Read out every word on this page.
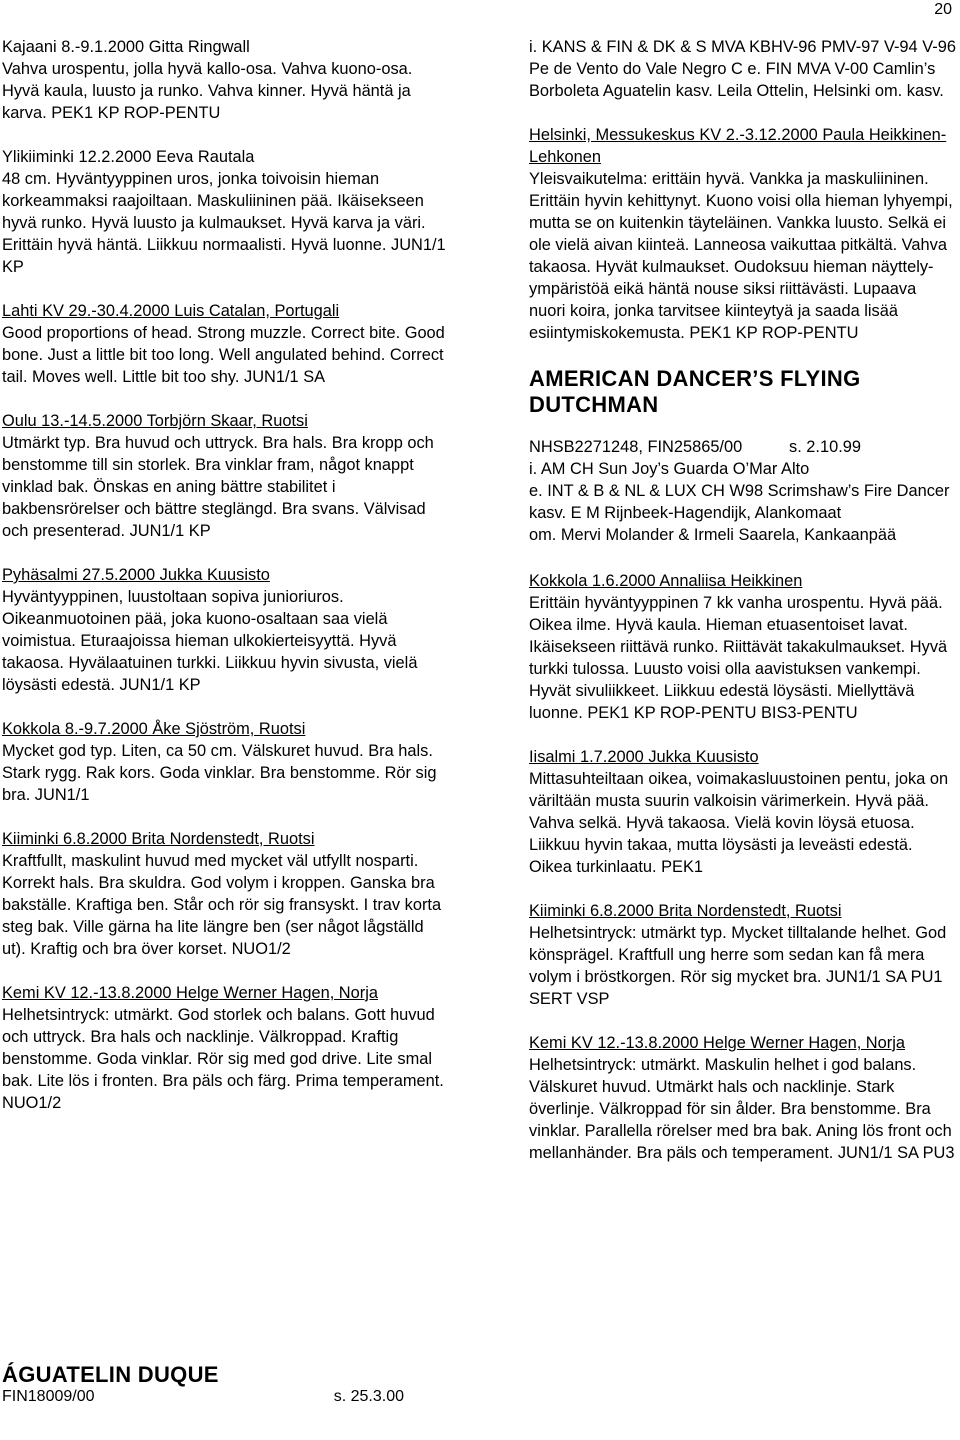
20
Kajaani 8.-9.1.2000 Gitta Ringwall
Vahva urospentu, jolla hyvä kallo-osa. Vahva kuono-osa. Hyvä kaula, luusto ja runko. Vahva kinner. Hyvä häntä ja karva. PEK1 KP ROP-PENTU
Ylikiiminki 12.2.2000 Eeva Rautala
48 cm. Hyväntyyppinen uros, jonka toivoisin hieman korkeammaksi raajoiltaan. Maskuliininen pää. Ikäisekseen hyvä runko. Hyvä luusto ja kulmaukset. Hyvä karva ja väri. Erittäin hyvä häntä. Liikkuu normaalisti. Hyvä luonne. JUN1/1 KP
Lahti KV 29.-30.4.2000 Luis Catalan, Portugali
Good proportions of head. Strong muzzle. Correct bite. Good bone. Just a little bit too long. Well angulated behind. Correct tail. Moves well. Little bit too shy. JUN1/1 SA
Oulu 13.-14.5.2000 Torbjörn Skaar, Ruotsi
Utmärkt typ. Bra huvud och uttryck. Bra hals. Bra kropp och benstomme till sin storlek. Bra vinklar fram, något knappt vinklad bak. Önskas en aning bättre stabilitet i bakbensrörelser och bättre steglängd. Bra svans. Välvisad och presenterad. JUN1/1 KP
Pyhäsalmi 27.5.2000 Jukka Kuusisto
Hyväntyyppinen, luustoltaan sopiva junioriuros. Oikeanmuotoinen pää, joka kuono-osaltaan saa vielä voimistua. Eturaajoissa hieman ulkokierteisyyttä. Hyvä takaosa. Hyvälaatuinen turkki. Liikkuu hyvin sivusta, vielä löysästi edestä. JUN1/1 KP
Kokkola 8.-9.7.2000 Åke Sjöström, Ruotsi
Mycket god typ. Liten, ca 50 cm. Välskuret huvud. Bra hals. Stark rygg. Rak kors. Goda vinklar. Bra benstomme. Rör sig bra. JUN1/1
Kiiminki 6.8.2000 Brita Nordenstedt, Ruotsi
Kraftfullt, maskulint huvud med mycket väl utfyllt nosparti. Korrekt hals. Bra skuldra. God volym i kroppen. Ganska bra bakställe. Kraftiga ben. Står och rör sig fransyskt. I trav korta steg bak. Ville gärna ha lite längre ben (ser något lågställd ut). Kraftig och bra över korset. NUO1/2
Kemi KV 12.-13.8.2000 Helge Werner Hagen, Norja
Helhetsintryck: utmärkt. God storlek och balans. Gott huvud och uttryck. Bra hals och nacklinje. Välkroppad. Kraftig benstomme. Goda vinklar. Rör sig med god drive. Lite smal bak. Lite lös i fronten. Bra päls och färg. Prima temperament. NUO1/2
ÁGUATELIN DUQUE
FIN18009/00	s. 25.3.00
i. KANS & FIN & DK & S MVA KBHV-96 PMV-97 V-94 V-96 Pe de Vento do Vale Negro C e. FIN MVA V-00 Camlin’s Borboleta Aguatelin kasv. Leila Ottelin, Helsinki om. kasv.
Helsinki, Messukeskus KV 2.-3.12.2000 Paula Heikkinen-Lehkonen
Yleisvaikutelma: erittäin hyvä. Vankka ja maskuliininen. Erittäin hyvin kehittynyt. Kuono voisi olla hieman lyhyempi, mutta se on kuitenkin täyteläinen. Vankka luusto. Selkä ei ole vielä aivan kiinteä. Lanneosa vaikuttaa pitkältä. Vahva takaosa. Hyvät kulmaukset. Oudoksuu hieman näyttely-ympäristöä eikä häntä nouse siksi riittävästi. Lupaava nuori koira, jonka tarvitsee kiinteytyä ja saada lisää esiintymiskokemusta. PEK1 KP ROP-PENTU
AMERICAN DANCER’S FLYING DUTCHMAN
NHSB2271248, FIN25865/00	s. 2.10.99
i. AM CH Sun Joy’s Guarda O’Mar Alto
e. INT & B & NL & LUX CH W98 Scrimshaw’s Fire Dancer
kasv. E M Rijnbeek-Hagendijk, Alankomaat
om. Mervi Molander & Irmeli Saarela, Kankaanpää
Kokkola 1.6.2000 Annaliisa Heikkinen
Erittäin hyväntyyppinen 7 kk vanha urospentu. Hyvä pää. Oikea ilme. Hyvä kaula. Hieman etuasentoiset lavat. Ikäisekseen riittävä runko. Riittävät takakulmaukset. Hyvä turkki tulossa. Luusto voisi olla aavistuksen vankempi. Hyvät sivuliikkeet. Liikkuu edestä löysästi. Miellyttävä luonne. PEK1 KP ROP-PENTU BIS3-PENTU
Iisalmi 1.7.2000 Jukka Kuusisto
Mittasuhteiltaan oikea, voimakasluustoinen pentu, joka on väriltään musta suurin valkoisin värimerkein. Hyvä pää. Vahva selkä. Hyvä takaosa. Vielä kovin löysä etuosa. Liikkuu hyvin takaa, mutta löysästi ja leveästi edestä. Oikea turkinlaatu. PEK1
Kiiminki 6.8.2000 Brita Nordenstedt, Ruotsi
Helhetsintryck: utmärkt typ. Mycket tilltalande helhet. God könsprägel. Kraftfull ung herre som sedan kan få mera volym i bröstkorgen. Rör sig mycket bra. JUN1/1 SA PU1 SERT VSP
Kemi KV 12.-13.8.2000 Helge Werner Hagen, Norja
Helhetsintryck: utmärkt. Maskulin helhet i god balans. Välskuret huvud. Utmärkt hals och nacklinje. Stark överlinje. Välkroppad för sin ålder. Bra benstomme. Bra vinklar. Parallella rörelser med bra bak. Aning lös front och mellanhänder. Bra päls och temperament. JUN1/1 SA PU3
